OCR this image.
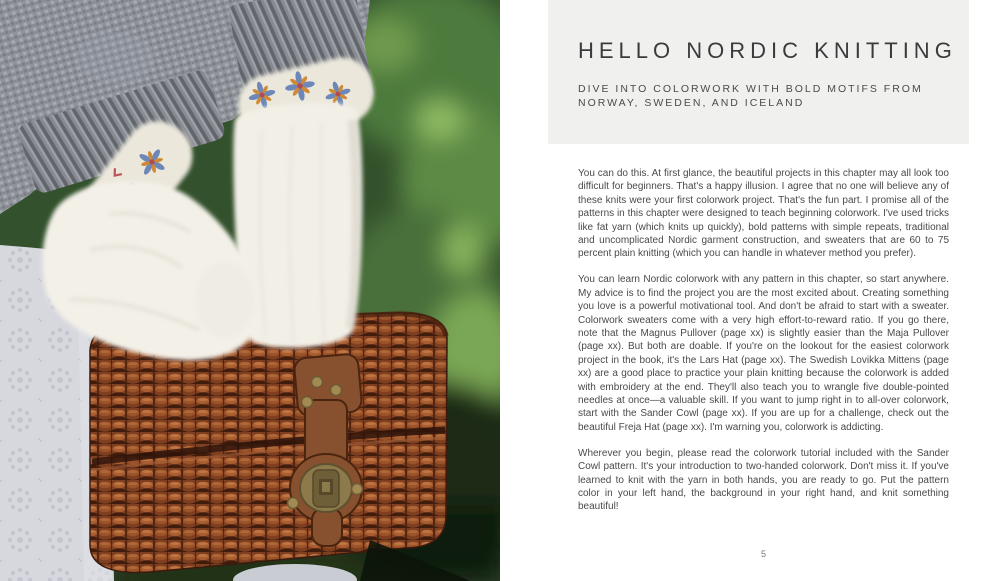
HELLO NORDIC KNITTING

DIVE INTO COLORWORK WITH BOLD MOTIFS FROM
NORWAY, SWEDEN, AND ICELAND

You can do this. At first glance, the beautiful projects in this chapter may all look too difficult for beginners. That's a happy illusion. I agree that no one will believe any of these knits were your first colorwork project. That's the fun part. I promise all of the patterns in this chapter were designed to teach beginning colorwork. I've used tricks like fat yarn (which knits up quickly), bold patterns with simple repeats, traditional and uncomplicated Nordic garment construction, and sweaters that are 60 to 75 percent plain knitting (which you can handle in whatever method you prefer).

You can learn Nordic colorwork with any pattern in this chapter, so start anywhere. My advice is to find the project you are the most excited about. Creating something you love is a powerful motivational tool. And don't be afraid to start with a sweater. Colorwork sweaters come with a very high effort-to-reward ratio. If you go there, note that the Magnus Pullover (page xx) is slightly easier than the Maja Pullover (page xx). But both are doable. If you're on the lookout for the easiest colorwork project in the book, it's the Lars Hat (page xx). The Swedish Lovikka Mittens (page xx) are a good place to practice your plain knitting because the colorwork is added with embroidery at the end. They'll also teach you to wrangle five double-pointed needles at once—a valuable skill. If you want to jump right in to all-over colorwork, start with the Sander Cowl (page xx). If you are up for a challenge, check out the beautiful Freja Hat (page xx). I'm warning you, colorwork is addicting.

Wherever you begin, please read the colorwork tutorial included with the Sander Cowl pattern. It's your introduction to two-handed colorwork. Don't miss it. If you've learned to knit with the yarn in both hands, you are ready to go. Put the pattern color in your left hand, the background in your right hand, and knit something beautiful!

5
